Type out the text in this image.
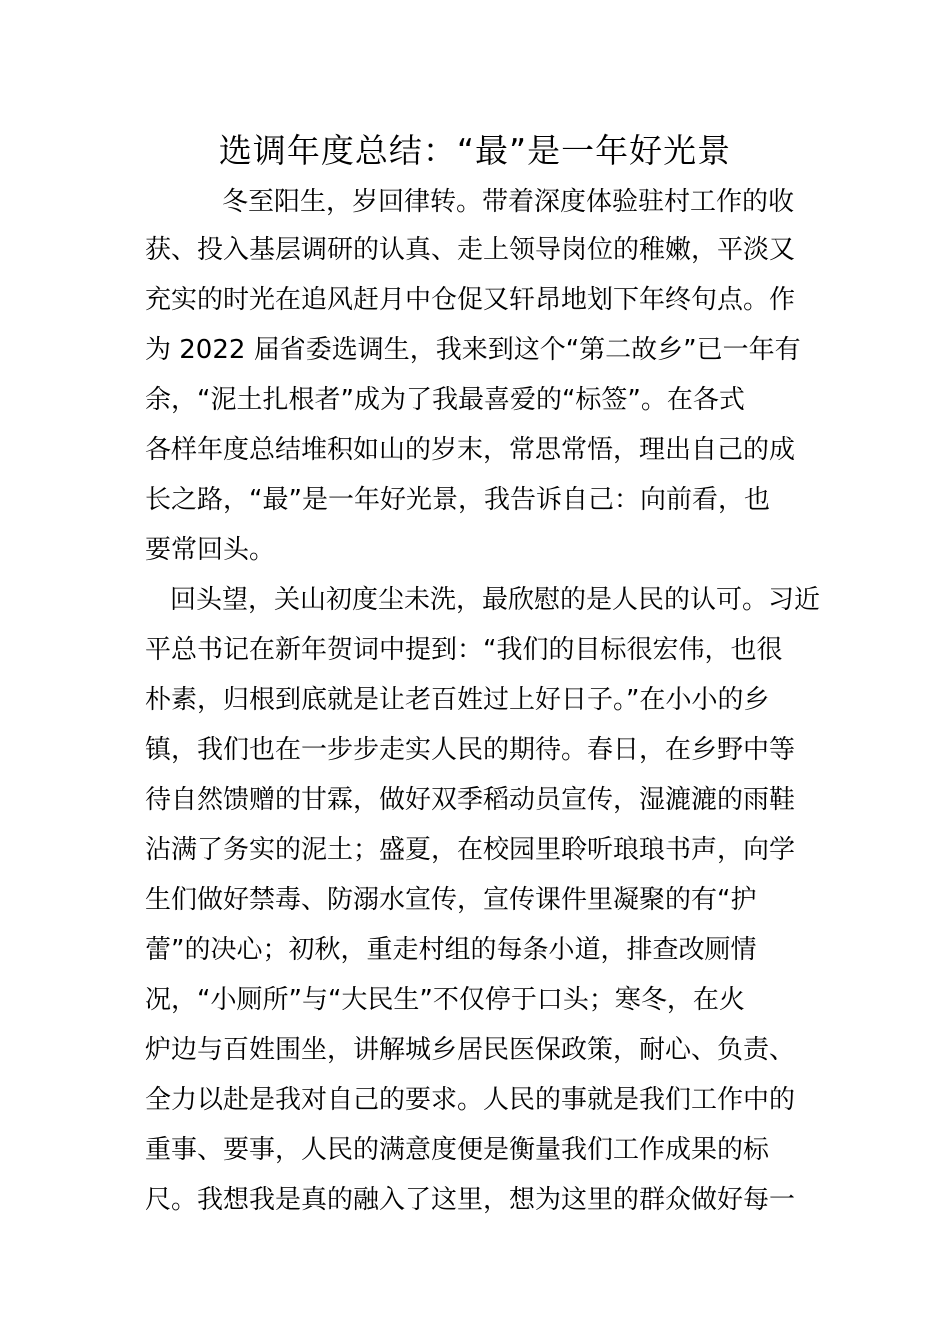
选调年度总结：“最”是一年好光景
冬至阳生，岁回律转。带着深度体验驻村工作的收
获、投入基层调研的认真、走上领导岗位的稚嫩，平淡又
充实的时光在追风赶月中仓促又轩昂地划下年终句点。作
为 2022 届省委选调生，我来到这个“第二故乡”已一年有
余，“泥土扎根者”成为了我最喜爱的“标签”。在各式
各样年度总结堆积如山的岁末，常思常悟，理出自己的成
长之路，“最”是一年好光景，我告诉自己：向前看，也
要常回头。
回头望，关山初度尘未洗，最欣慰的是人民的认可。习近
平总书记在新年贺词中提到：“我们的目标很宏伟，也很
朴素，归根到底就是让老百姓过上好日子。”在小小的乡
镇，我们也在一步步走实人民的期待。春日，在乡野中等
待自然馈赠的甘霖，做好双季稻动员宣传，湿漉漉的雨鞋
沾满了务实的泥土；盛夏，在校园里聆听琅琅书声，向学
生们做好禁毒、防溺水宣传，宣传课件里凝聚的有“护
蕾”的决心；初秋，重走村组的每条小道，排查改厕情
况，“小厕所”与“大民生”不仅停于口头；寒冬，在火
炉边与百姓围坐，讲解城乡居民医保政策，耐心、负责、
全力以赴是我对自己的要求。人民的事就是我们工作中的
重事、要事，人民的满意度便是衡量我们工作成果的标
尺。我想我是真的融入了这里，想为这里的群众做好每一
